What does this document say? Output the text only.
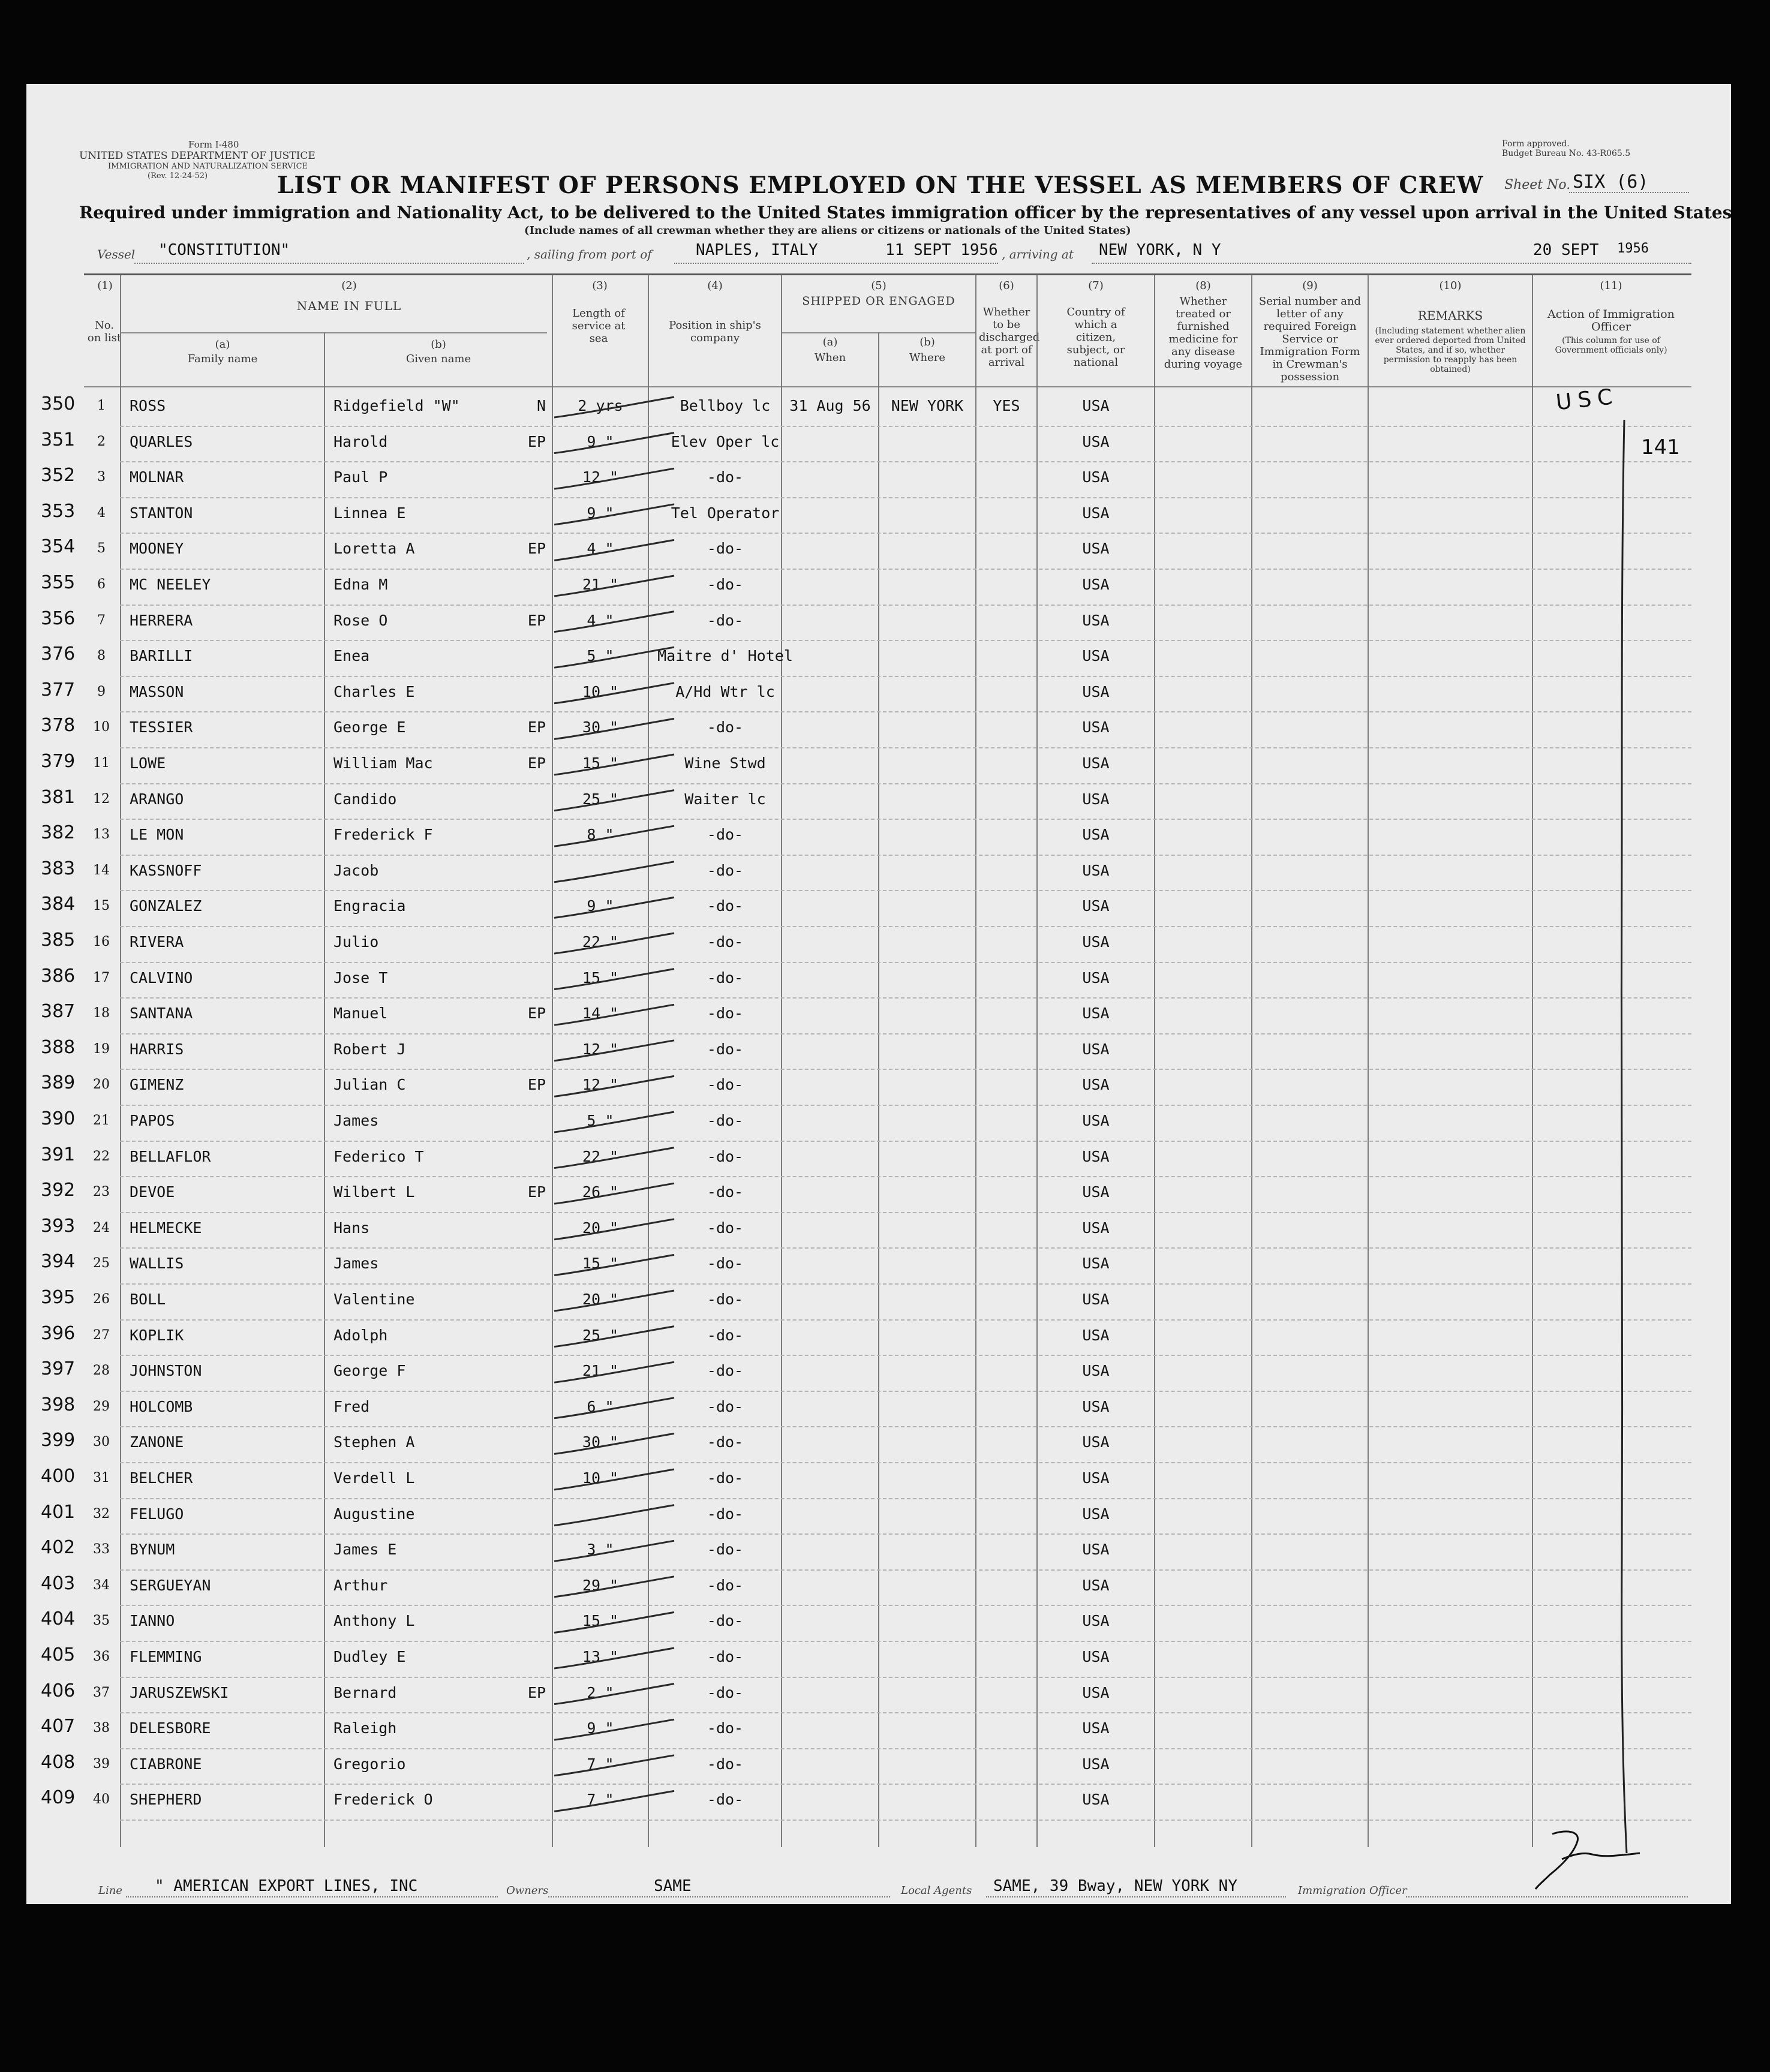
Form I-480
UNITED STATES DEPARTMENT OF JUSTICE
IMMIGRATION AND NATURALIZATION SERVICE
(Rev. 12-24-52)
Form approved.
Budget Bureau No. 43-R065.5
LIST OR MANIFEST OF PERSONS EMPLOYED ON THE VESSEL AS MEMBERS OF CREW Sheet No. SIX (6)
Required under immigration and Nationality Act, to be delivered to the United States immigration officer by the representatives of any vessel upon arrival in the United States
(Include names of all crewman whether they are aliens or citizens or nationals of the United States)
Vessel "CONSTITUTION"	, sailing from port of	NAPLES, ITALY	11 SEPT 1956 , arriving at NEW YORK, N Y	20 SEPT 1956
(1)
No. on list
(2)
NAME IN FULL
(a)
Family name
(b)
Given name
(3)
Length of service at sea
(4)
Position in ship's company
(5)
SHIPPED OR ENGAGED
(a)
When
(b)
Where
(6)
Whether to be discharged at port of arrival
(7)
Country of which a citizen, subject, or national
(8)
Whether treated or furnished medicine for any disease during voyage
(9)
Serial number and letter of any required Foreign Service or Immigration Form in Crewman's possession
(10)
REMARKS
(Including statement whether alien ever ordered deported from United States, and if so, whether permission to reapply has been obtained)
(11)
Action of Immigration Officer
(This column for use of Government officials only)
350	1	ROSS	Ridgefield "W"	N	2 yrs	Bellboy lc	31 Aug 56	NEW YORK	YES	USA
351	2	QUARLES	Harold	EP	9 "	Elev Oper lc	USA
352	3	MOLNAR	Paul P	12 "	-do-	USA
353	4	STANTON	Linnea E	9 "	Tel Operator	USA
354	5	MOONEY	Loretta A	EP	4 "	-do-	USA
355	6	MC NEELEY	Edna M	21 "	-do-	USA
356	7	HERRERA	Rose O	EP	4 "	-do-	USA
376	8	BARILLI	Enea	5 "	Maitre d' Hotel	USA
377	9	MASSON	Charles E	10 "	A/Hd Wtr lc	USA
378	10	TESSIER	George E	EP	30 "	-do-	USA
379	11	LOWE	William Mac	EP	15 "	Wine Stwd	USA
381	12	ARANGO	Candido	25 "	Waiter lc	USA
382	13	LE MON	Frederick F	8 "	-do-	USA
383	14	KASSNOFF	Jacob	-do-	USA
384	15	GONZALEZ	Engracia	9 "	-do-	USA
385	16	RIVERA	Julio	22 "	-do-	USA
386	17	CALVINO	Jose T	15 "	-do-	USA
387	18	SANTANA	Manuel	EP	14 "	-do-	USA
388	19	HARRIS	Robert J	12 "	-do-	USA
389	20	GIMENZ	Julian C	EP	12 "	-do-	USA
390	21	PAPOS	James	5 "	-do-	USA
391	22	BELLAFLOR	Federico T	22 "	-do-	USA
392	23	DEVOE	Wilbert L	EP	26 "	-do-	USA
393	24	HELMECKE	Hans	20 "	-do-	USA
394	25	WALLIS	James	15 "	-do-	USA
395	26	BOLL	Valentine	20 "	-do-	USA
396	27	KOPLIK	Adolph	25 "	-do-	USA
397	28	JOHNSTON	George F	21 "	-do-	USA
398	29	HOLCOMB	Fred	6 "	-do-	USA
399	30	ZANONE	Stephen A	30 "	-do-	USA
400	31	BELCHER	Verdell L	10 "	-do-	USA
401	32	FELUGO	Augustine	-do-	USA
402	33	BYNUM	James E	3 "	-do-	USA
403	34	SERGUEYAN	Arthur	29 "	-do-	USA
404	35	IANNO	Anthony L	15 "	-do-	USA
405	36	FLEMMING	Dudley E	13 "	-do-	USA
406	37	JARUSZEWSKI	Bernard	EP	2 "	-do-	USA
407	38	DELESBORE	Raleigh	9 "	-do-	USA
408	39	CIABRONE	Gregorio	7 "	-do-	USA
409	40	SHEPHERD	Frederick O	7 "	-do-	USA
USC
141
Line " AMERICAN EXPORT LINES, INC	Owners	SAME	Local Agents SAME, 39 Bway, NEW YORK NY	Immigration Officer
